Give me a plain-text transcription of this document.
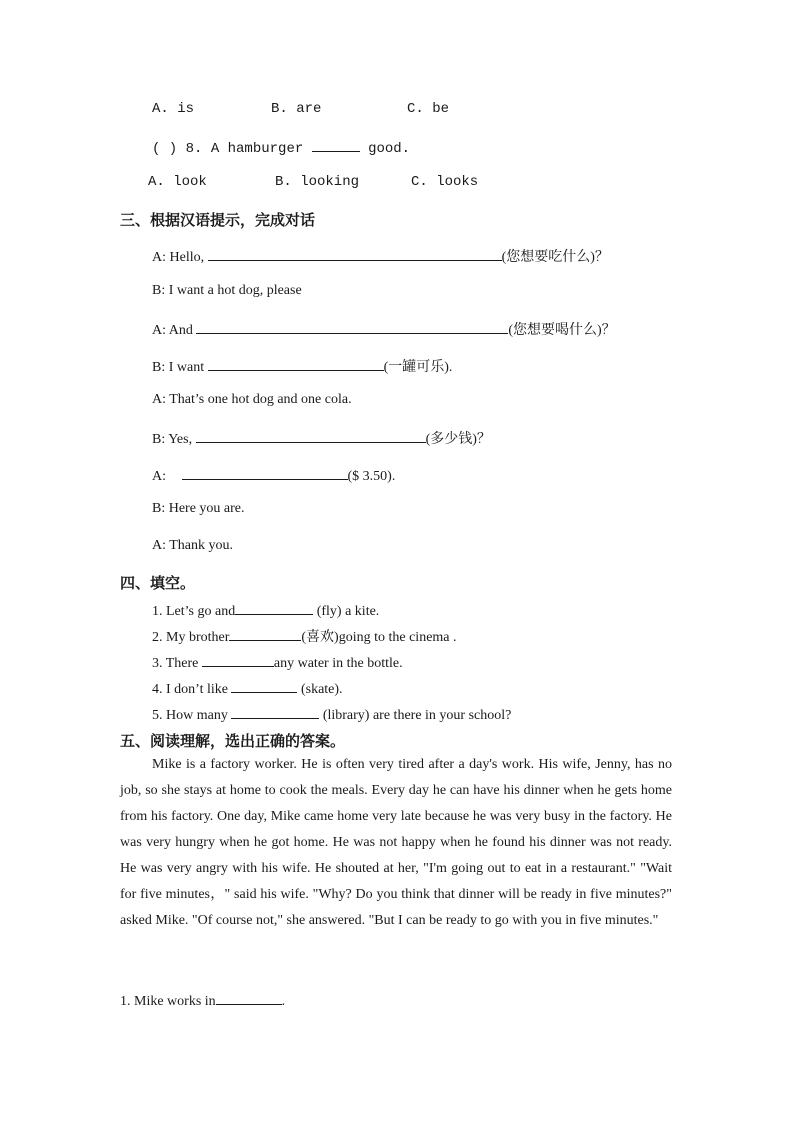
A. is	B. are	C. be
( ) 8. A hamburger	good.
A. look	B. looking	C. looks
三、根据汉语提示，完成对话
A: Hello,	(您想要吃什么)？
B: I want a hot dog, please
A: And	(您想要喝什么)？
B: I want	(一罐可乐).
A: That’s one hot dog and one cola.
B: Yes,	(多少钱)？
A:	($ 3.50).
B: Here you are.
A: Thank you.
四、填空。
1. Let’s go and	(fly) a kite.
2. My brother	(喜欢)going to the cinema .
3. There	any water in the bottle.
4. I don’t like	(skate).
5. How many	(library) are there in your school?
五、阅读理解，选出正确的答案。
Mike is a factory worker. He is often very tired after a day's work. His wife, Jenny, has no job, so she stays at home to cook the meals. Every day he can have his dinner when he gets home from his factory. One day, Mike came home very late because he was very busy in the factory. He was very hungry when he got home. He was not happy when he found his dinner was not ready. He was very angry with his wife. He shouted at her, "I'm going out to eat in a restaurant." "Wait for five minutes，" said his wife. "Why? Do you think that dinner will be ready in five minutes?" asked Mike. "Of course not," she answered. "But I can be ready to go with you in five minutes."
1. Mike works in	.
